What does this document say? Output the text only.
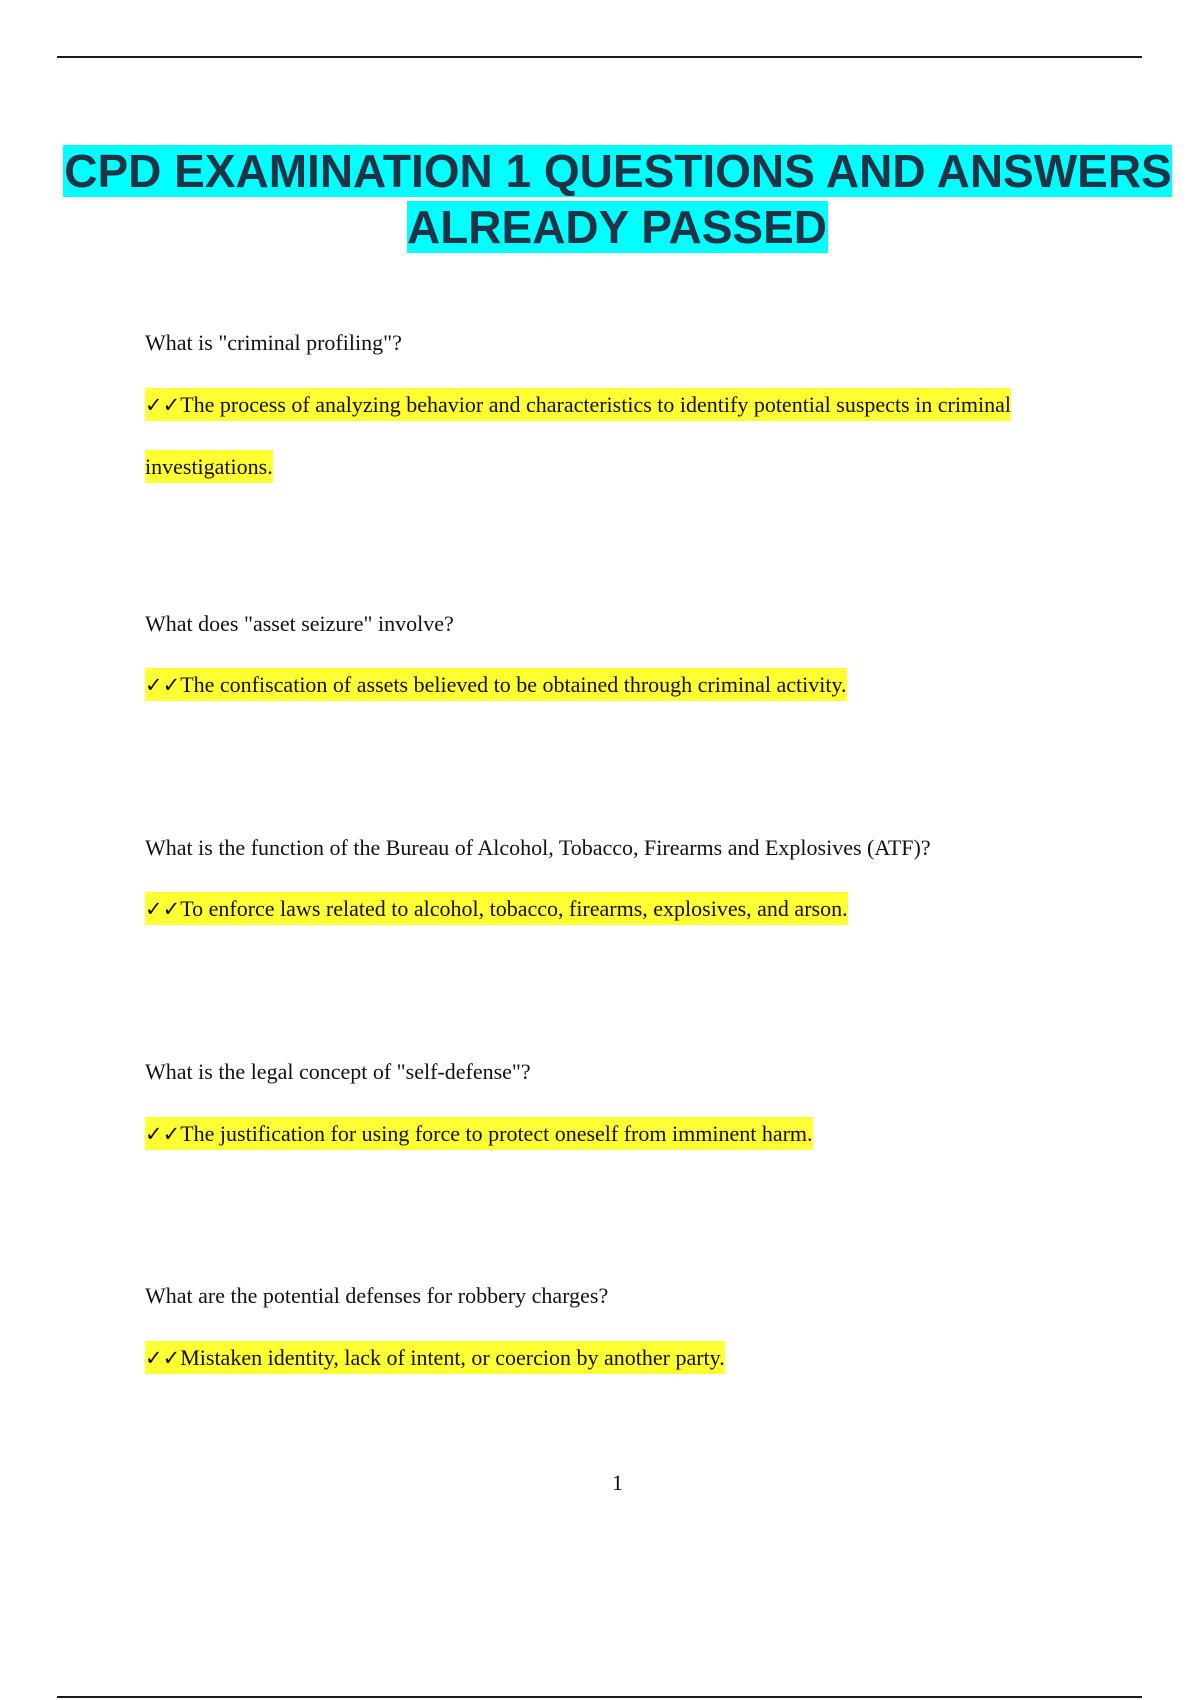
CPD EXAMINATION 1 QUESTIONS AND ANSWERS ALREADY PASSED
What is "criminal profiling"?
✓✓The process of analyzing behavior and characteristics to identify potential suspects in criminal investigations.
What does "asset seizure" involve?
✓✓The confiscation of assets believed to be obtained through criminal activity.
What is the function of the Bureau of Alcohol, Tobacco, Firearms and Explosives (ATF)?
✓✓To enforce laws related to alcohol, tobacco, firearms, explosives, and arson.
What is the legal concept of "self-defense"?
✓✓The justification for using force to protect oneself from imminent harm.
What are the potential defenses for robbery charges?
✓✓Mistaken identity, lack of intent, or coercion by another party.
1
